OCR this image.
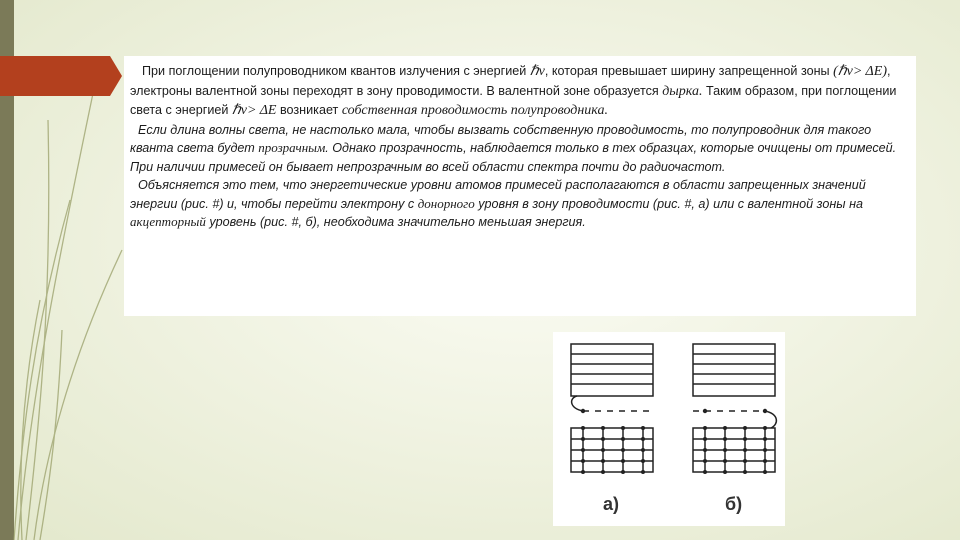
При поглощении полупроводником квантов излучения с энергией ℏν, которая превышает ширину запрещенной зоны (ℏν> ΔE), электроны валентной зоны переходят в зону проводимости. В валентной зоне образуется дырка. Таким образом, при поглощении света с энергией ℏν> ΔE возникает собственная проводимость полупроводника.

Если длина волны света, не настолько мала, чтобы вызвать собственную проводимость, то полупроводник для такого кванта света будет прозрачным. Однако прозрачность, наблюдается только в тех образцах, которые очищены от примесей. При наличии примесей он бывает непрозрачным во всей области спектра почти до радиочастот.

Объясняется это тем, что энергетические уровни атомов примесей располагаются в области запрещенных значений энергии (рис. #) и, чтобы перейти электрону с донорного уровня в зону проводимости (рис. #, а) или с валентной зоны на акцепторный уровень (рис. #, б), необходима значительно меньшая энергия.

а)	б)
